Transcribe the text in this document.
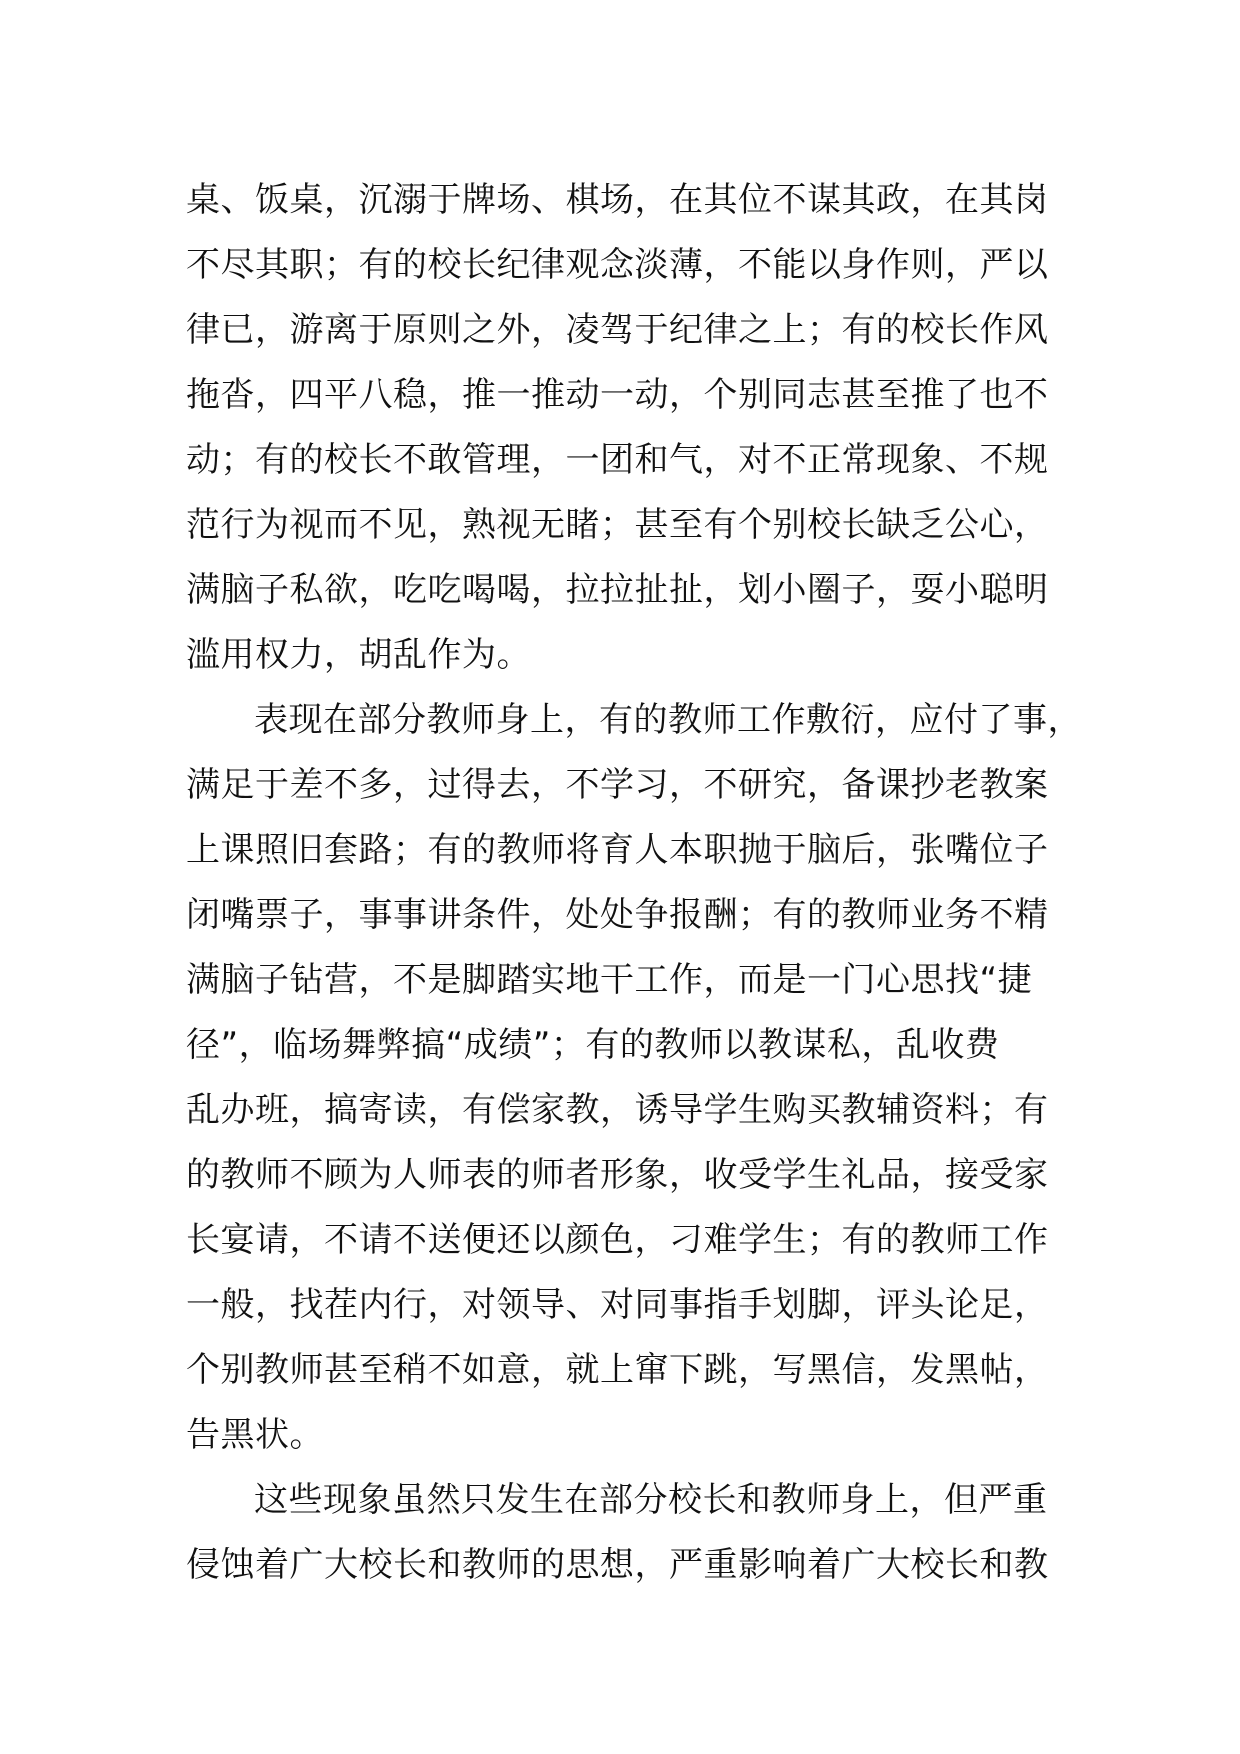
桌、饭桌，沉溺于牌场、棋场，在其位不谋其政，在其岗
不尽其职；有的校长纪律观念淡薄，不能以身作则，严以
律已，游离于原则之外，凌驾于纪律之上；有的校长作风
拖沓，四平八稳，推一推动一动，个别同志甚至推了也不
动；有的校长不敢管理，一团和气，对不正常现象、不规
范行为视而不见，熟视无睹；甚至有个别校长缺乏公心，
满脑子私欲，吃吃喝喝，拉拉扯扯，划小圈子，耍小聪明
滥用权力，胡乱作为。
表现在部分教师身上，有的教师工作敷衍，应付了事，
满足于差不多，过得去，不学习，不研究，备课抄老教案
上课照旧套路；有的教师将育人本职抛于脑后，张嘴位子
闭嘴票子，事事讲条件，处处争报酬；有的教师业务不精
满脑子钻营，不是脚踏实地干工作，而是一门心思找“捷
径”，临场舞弊搞“成绩”；有的教师以教谋私，乱收费
乱办班，搞寄读，有偿家教，诱导学生购买教辅资料；有
的教师不顾为人师表的师者形象，收受学生礼品，接受家
长宴请，不请不送便还以颜色，刁难学生；有的教师工作
一般，找茬内行，对领导、对同事指手划脚，评头论足，
个别教师甚至稍不如意，就上窜下跳，写黑信，发黑帖，
告黑状。
这些现象虽然只发生在部分校长和教师身上，但严重
侵蚀着广大校长和教师的思想，严重影响着广大校长和教
